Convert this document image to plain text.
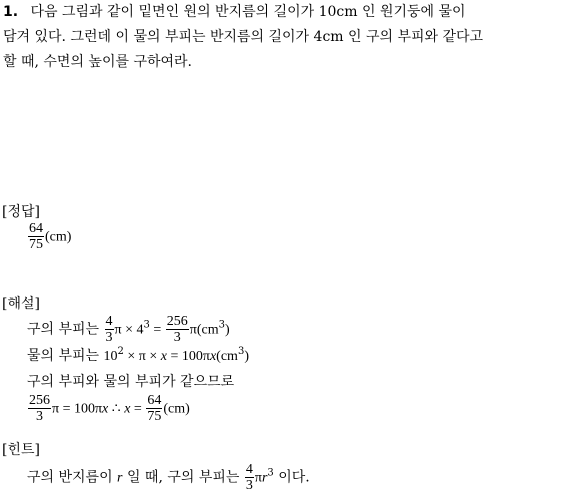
1. 다음 그림과 같이 밑면인 원의 반지름의 길이가 10cm 인 원기둥에 물이
담겨 있다. 그런데 이 물의 부피는 반지름의 길이가 4cm 인 구의 부피와 같다고
할 때, 수면의 높이를 구하여라.
[정답]
$\frac{64}{75} (cm)$
[해설]
구의 부피는 $\frac{4}{3}$ $\pi \times 4^3 = \frac{256}{3} \pi(cm^3)$
물의 부피는 $10^2 \times \pi \times x = 100\pi x(cm^3)$
구의 부피와 물의 부피가 같으므로
$\frac{256}{3}$ π = 100πx ∴ $x = \frac{64}{75} (cm)$
[힌트]
구의 반지름이 r 일 때, 구의 부피는 $\frac{4}{3} \pi r^3$ 이다.
